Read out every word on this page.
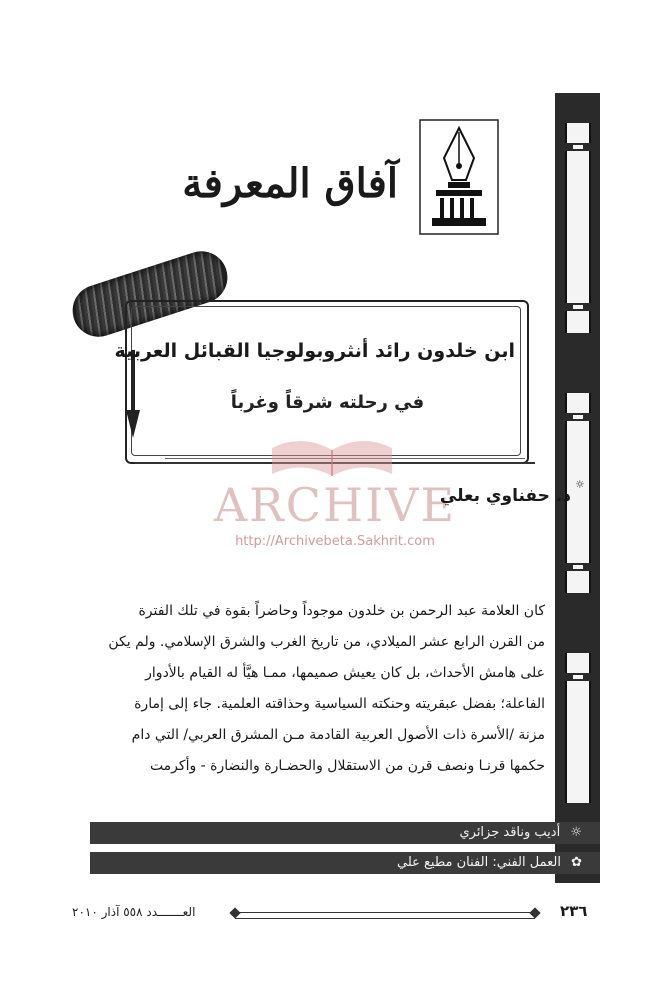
آفاق المعرفة
ابن خلدون رائد أنثروبولوجيا القبائل العربية
في رحلته شرقاً وغرباً
ARCHIVE
http://Archivebeta.Sakhrit.com
د. حفناوي بعلي
☼

كان العلامة عبد الرحمن بن خلدون موجوداً وحاضراً بقوة في تلك الفترة

من القرن الرابع عشر الميلادي، من تاريخ الغرب والشرق الإسلامي. ولم يكن

على هامش الأحداث، بل كان يعيش صميمها، ممـا هيَّأ له القيام بالأدوار

الفاعلة؛ بفضل عبقريته وحنكته السياسية وحذاقته العلمية. جاء إلى إمارة

مزنة /الأسرة ذات الأصول العربية القادمة مـن المشرق العربي/ التي دام

حكمها قرنـا ونصف قرن من الاستقلال والحضـارة والنضارة - وأكرمت

☼ أديب وناقد جزائري
✿ العمل الفني: الفنان مطيع علي
العـــــــدد ٥٥٨ آذار ٢٠١٠	٢٣٦
